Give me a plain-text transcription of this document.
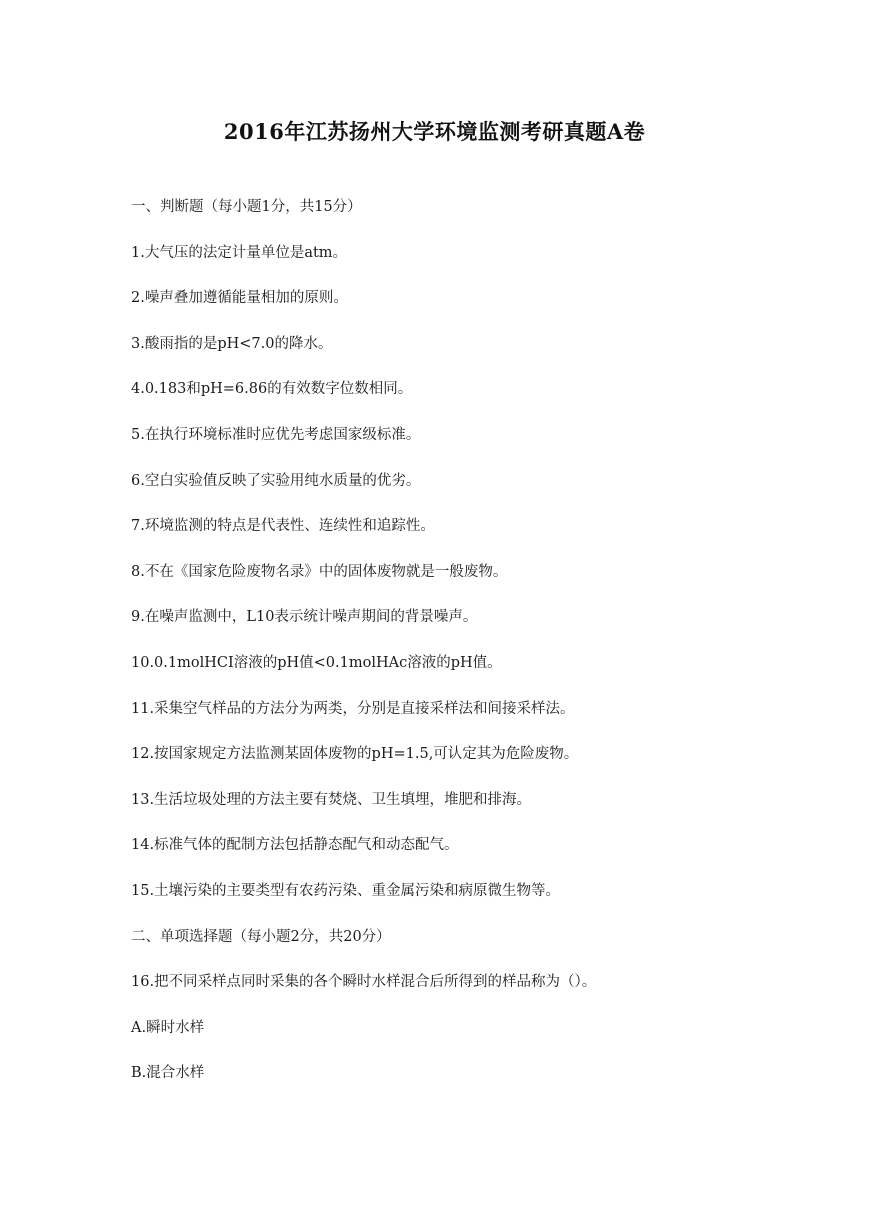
2016年江苏扬州大学环境监测考研真题A卷
一、判断题（每小题1分，共15分）
1.大气压的法定计量单位是atm。
2.噪声叠加遵循能量相加的原则。
3.酸雨指的是pH<7.0的降水。
4.0.183和pH=6.86的有效数字位数相同。
5.在执行环境标准时应优先考虑国家级标准。
6.空白实验值反映了实验用纯水质量的优劣。
7.环境监测的特点是代表性、连续性和追踪性。
8.不在《国家危险废物名录》中的固体废物就是一般废物。
9.在噪声监测中，L10表示统计噪声期间的背景噪声。
10.0.1molHCI溶液的pH值<0.1molHAc溶液的pH值。
11.采集空气样品的方法分为两类，分别是直接采样法和间接采样法。
12.按国家规定方法监测某固体废物的pH=1.5,可认定其为危险废物。
13.生活垃圾处理的方法主要有焚烧、卫生填埋，堆肥和排海。
14.标准气体的配制方法包括静态配气和动态配气。
15.土壤污染的主要类型有农药污染、重金属污染和病原微生物等。
二、单项选择题（每小题2分，共20分）
16.把不同采样点同时采集的各个瞬时水样混合后所得到的样品称为（）。
A.瞬时水样
B.混合水样
